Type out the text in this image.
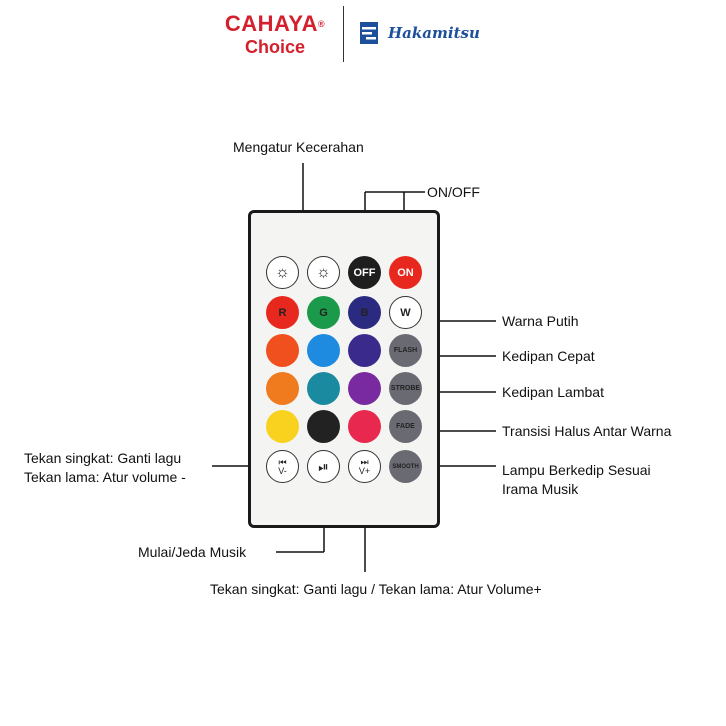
CAHAYA®
Choice
Hakamitsu
Mengatur Kecerahan
ON/OFF
Warna Putih
Kedipan Cepat
Kedipan Lambat
Transisi Halus Antar Warna
Lampu Berkedip Sesuai
Irama Musik
Tekan singkat: Ganti lagu
Tekan lama: Atur volume -
Mulai/Jeda Musik
Tekan singkat: Ganti lagu / Tekan lama: Atur Volume+
☼ ☼ OFF ON
R	G	B	W
FLASH
STROBE
FADE
⏮
V- ⏯	⏭
V+	SMOOTH
